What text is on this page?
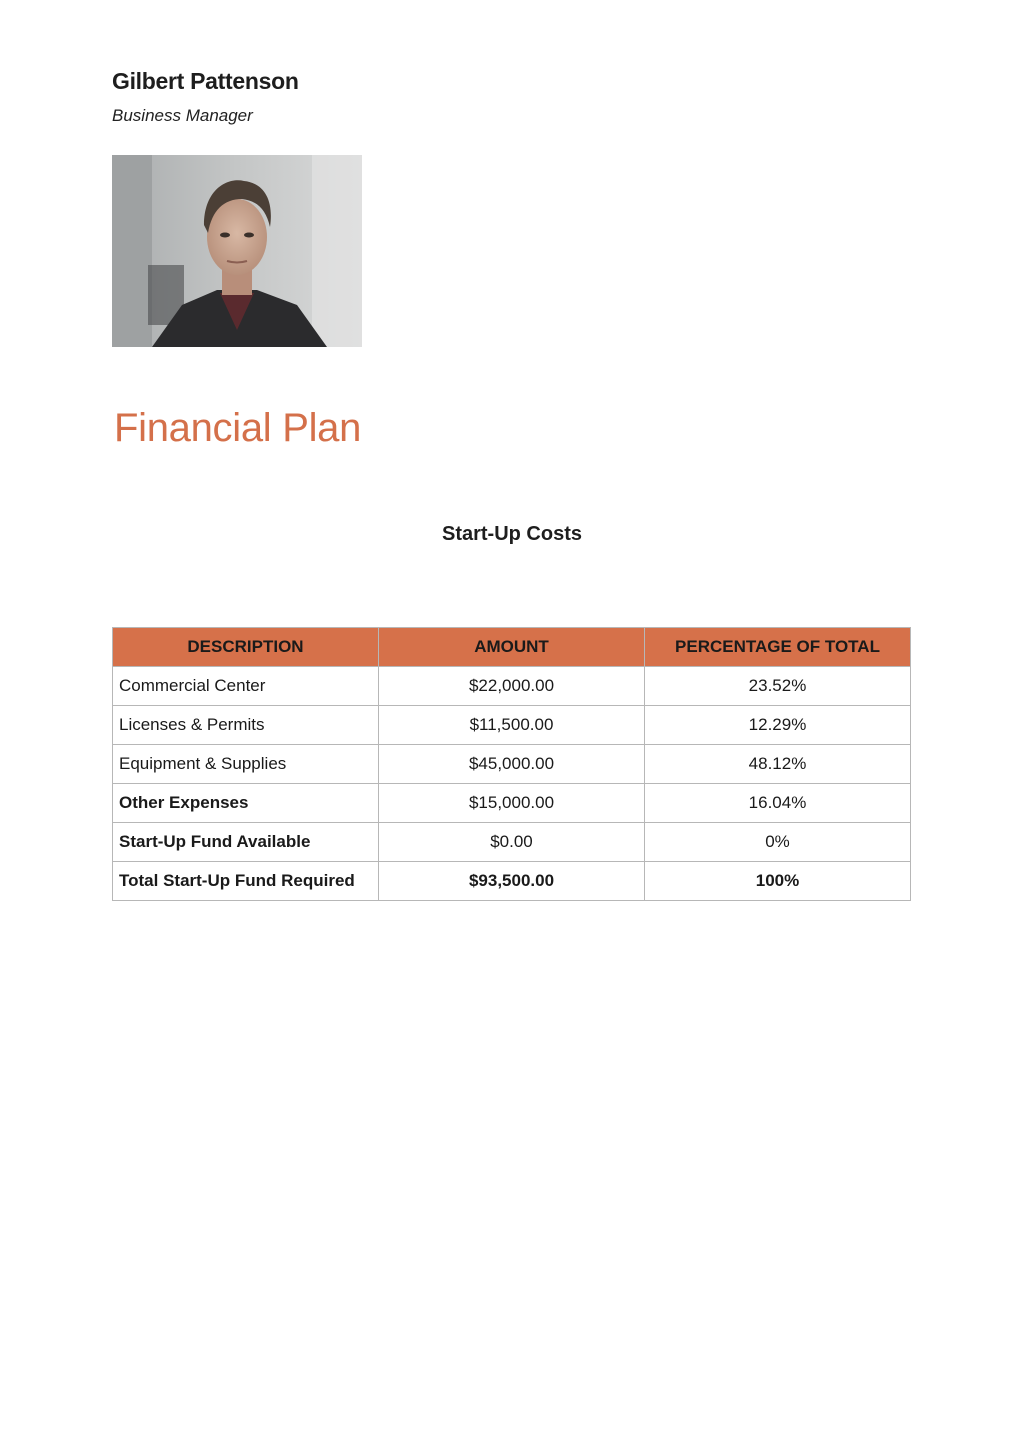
Gilbert Pattenson
Business Manager
Financial Plan
Start-Up Costs
DESCRIPTION	AMOUNT	PERCENTAGE OF TOTAL
Commercial Center	$22,000.00	23.52%
Licenses & Permits	$11,500.00	12.29%
Equipment & Supplies	$45,000.00	48.12%
Other Expenses	$15,000.00	16.04%
Start-Up Fund Available	$0.00	0%
Total Start-Up Fund Required	$93,500.00	100%
